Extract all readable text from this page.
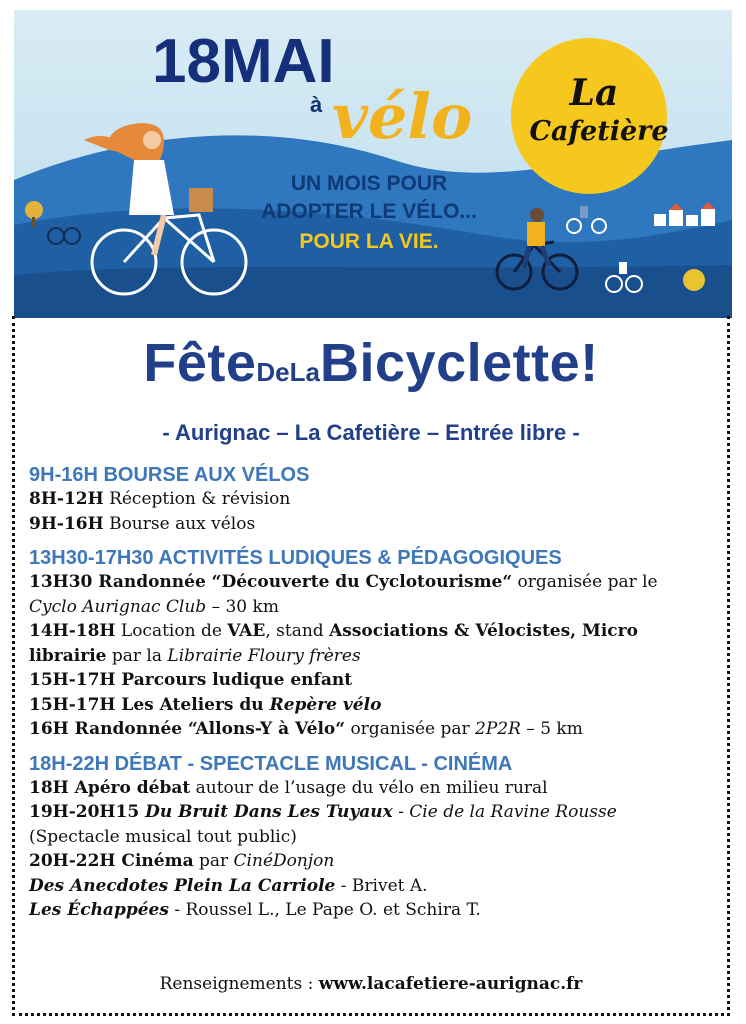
La
Cafetière
18MAI
à vélo
UN MOIS POUR
ADOPTER LE VÉLO...
POUR LA VIE.
FêteDeLaBicyclette!
- Aurignac – La Cafetière – Entrée libre -
9H-16H BOURSE AUX VÉLOS
8H-12H Réception & révision
9H-16H Bourse aux vélos
13H30-17H30 ACTIVITÉS LUDIQUES & PÉDAGOGIQUES
13H30 Randonnée “Découverte du Cyclotourisme“ organisée par le
Cyclo Aurignac Club – 30 km
14H-18H Location de VAE, stand Associations & Vélocistes, Micro
librairie par la Librairie Floury frères
15H-17H Parcours ludique enfant
15H-17H Les Ateliers du Repère vélo
16H Randonnée “Allons-Y à Vélo“ organisée par 2P2R – 5 km
18H-22H DÉBAT - SPECTACLE MUSICAL - CINÉMA
18H Apéro débat autour de l’usage du vélo en milieu rural
19H-20H15 Du Bruit Dans Les Tuyaux - Cie de la Ravine Rousse
(Spectacle musical tout public)
20H-22H Cinéma par CinéDonjon
Des Anecdotes Plein La Carriole - Brivet A.
Les Échappées - Roussel L., Le Pape O. et Schira T.
Renseignements : www.lacafetiere-aurignac.fr
